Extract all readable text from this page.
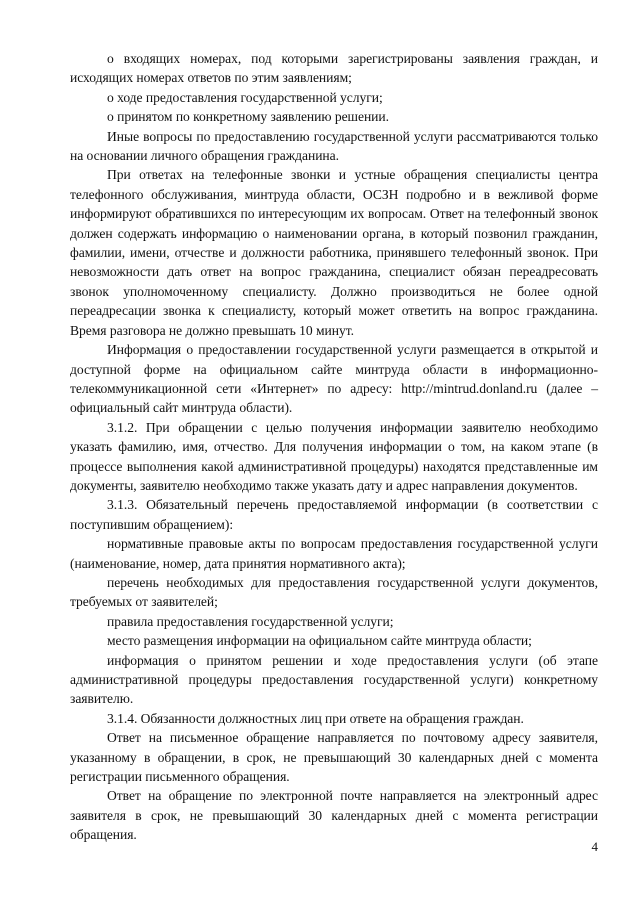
о входящих номерах, под которыми зарегистрированы заявления граждан, и исходящих номерах ответов по этим заявлениям;

о ходе предоставления государственной услуги;

о принятом по конкретному заявлению решении.

Иные вопросы по предоставлению государственной услуги рассматриваются только на основании личного обращения гражданина.

При ответах на телефонные звонки и устные обращения специалисты центра телефонного обслуживания, минтруда области, ОСЗН подробно и в вежливой форме информируют обратившихся по интересующим их вопросам. Ответ на телефонный звонок должен содержать информацию о наименовании органа, в который позвонил гражданин, фамилии, имени, отчестве и должности работника, принявшего телефонный звонок. При невозможности дать ответ на вопрос гражданина, специалист обязан переадресовать звонок уполномоченному специалисту. Должно производиться не более одной переадресации звонка к специалисту, который может ответить на вопрос гражданина. Время разговора не должно превышать 10 минут.

Информация о предоставлении государственной услуги размещается в открытой и доступной форме на официальном сайте минтруда области в информационно-телекоммуникационной сети «Интернет» по адресу: http://mintrud.donland.ru (далее – официальный сайт минтруда области).

3.1.2. При обращении с целью получения информации заявителю необходимо указать фамилию, имя, отчество. Для получения информации о том, на каком этапе (в процессе выполнения какой административной процедуры) находятся представленные им документы, заявителю необходимо также указать дату и адрес направления документов.

3.1.3. Обязательный перечень предоставляемой информации (в соответствии с поступившим обращением):

нормативные правовые акты по вопросам предоставления государственной услуги (наименование, номер, дата принятия нормативного акта);

перечень необходимых для предоставления государственной услуги документов, требуемых от заявителей;

правила предоставления государственной услуги;

место размещения информации на официальном сайте минтруда области;

информация о принятом решении и ходе предоставления услуги (об этапе административной процедуры предоставления государственной услуги) конкретному заявителю.

3.1.4. Обязанности должностных лиц при ответе на обращения граждан.

Ответ на письменное обращение направляется по почтовому адресу заявителя, указанному в обращении, в срок, не превышающий 30 календарных дней с момента регистрации письменного обращения.

Ответ на обращение по электронной почте направляется на электронный адрес заявителя в срок, не превышающий 30 календарных дней с момента регистрации обращения.

4
